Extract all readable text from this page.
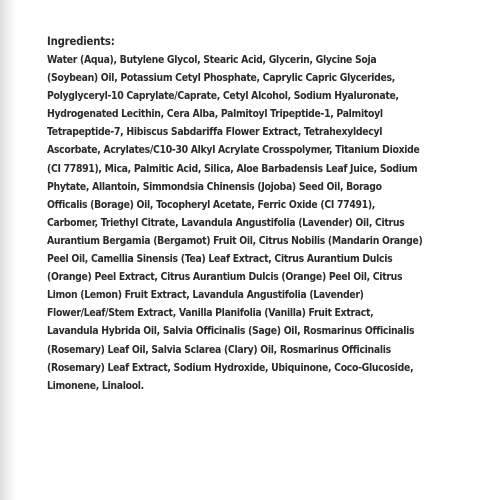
Ingredients:
Water (Aqua), Butylene Glycol, Stearic Acid, Glycerin, Glycine Soja
(Soybean) Oil, Potassium Cetyl Phosphate, Caprylic Capric Glycerides,
Polyglyceryl-10 Caprylate/Caprate, Cetyl Alcohol, Sodium Hyaluronate,
Hydrogenated Lecithin, Cera Alba, Palmitoyl Tripeptide-1, Palmitoyl
Tetrapeptide-7, Hibiscus Sabdariffa Flower Extract, Tetrahexyldecyl
Ascorbate, Acrylates/C10-30 Alkyl Acrylate Crosspolymer, Titanium Dioxide
(CI 77891), Mica, Palmitic Acid, Silica, Aloe Barbadensis Leaf Juice, Sodium
Phytate, Allantoin, Simmondsia Chinensis (Jojoba) Seed Oil, Borago
Officalis (Borage) Oil, Tocopheryl Acetate, Ferric Oxide (CI 77491),
Carbomer, Triethyl Citrate, Lavandula Angustifolia (Lavender) Oil, Citrus
Aurantium Bergamia (Bergamot) Fruit Oil, Citrus Nobilis (Mandarin Orange)
Peel Oil, Camellia Sinensis (Tea) Leaf Extract, Citrus Aurantium Dulcis
(Orange) Peel Extract, Citrus Aurantium Dulcis (Orange) Peel Oil, Citrus
Limon (Lemon) Fruit Extract, Lavandula Angustifolia (Lavender)
Flower/Leaf/Stem Extract, Vanilla Planifolia (Vanilla) Fruit Extract,
Lavandula Hybrida Oil, Salvia Officinalis (Sage) Oil, Rosmarinus Officinalis
(Rosemary) Leaf Oil, Salvia Sclarea (Clary) Oil, Rosmarinus Officinalis
(Rosemary) Leaf Extract, Sodium Hydroxide, Ubiquinone, Coco-Glucoside,
Limonene, Linalool.
